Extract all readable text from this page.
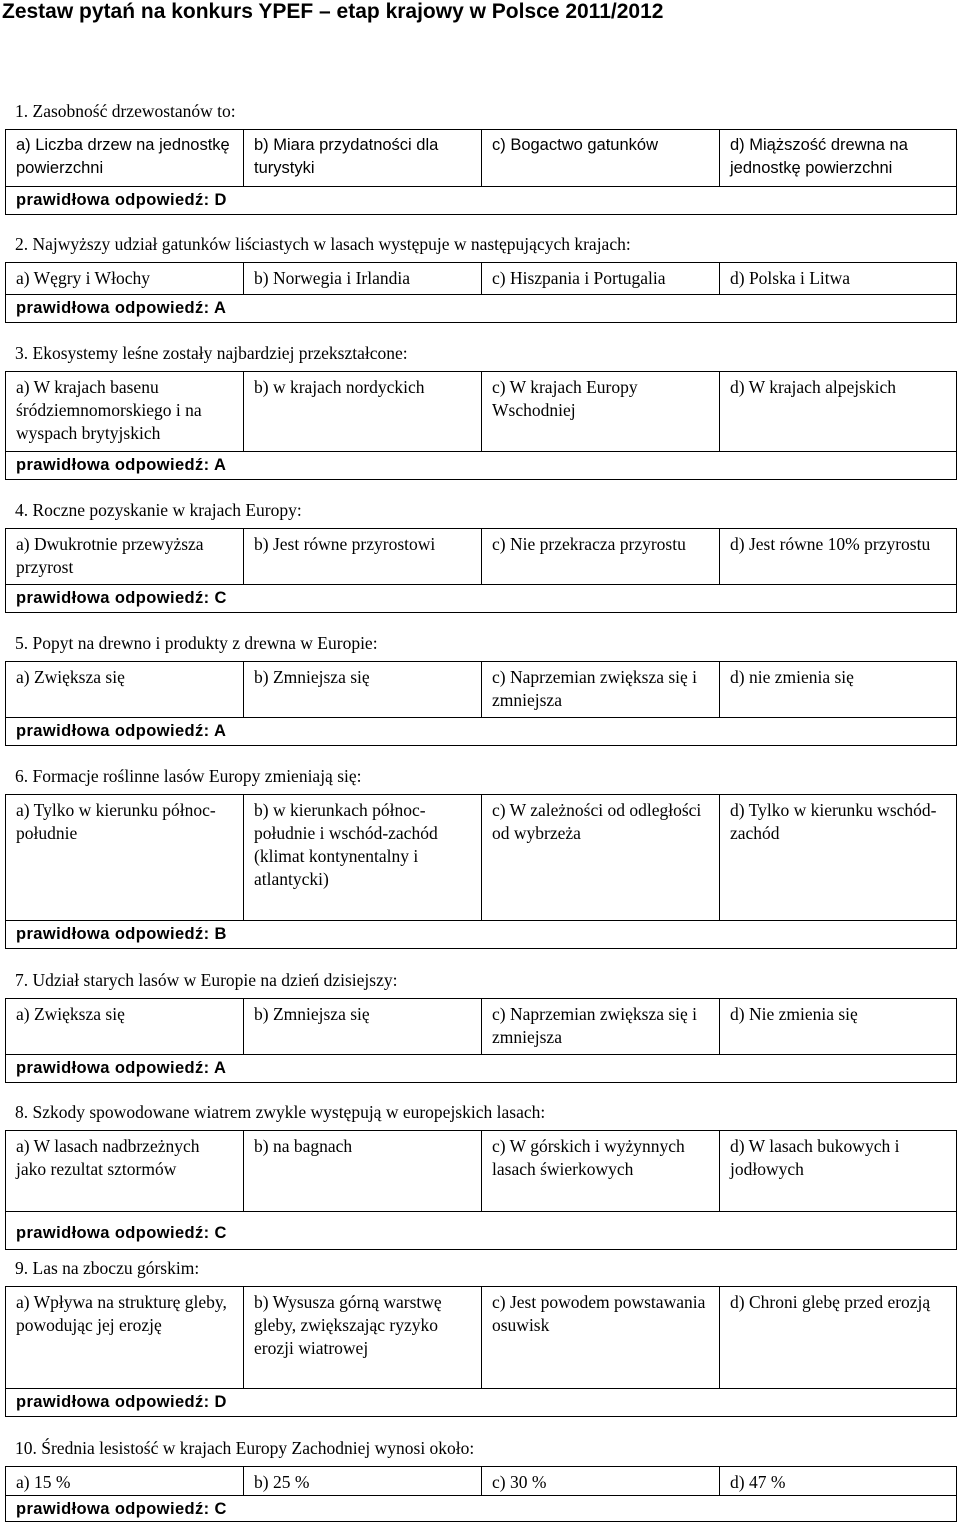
Zestaw pytań na konkurs YPEF – etap krajowy w Polsce 2011/2012
1. Zasobność drzewostanów to:
a) Liczba drzew na jednostkę powierzchni	b) Miara przydatności dla turystyki	c) Bogactwo gatunków	d) Miąższość drewna na jednostkę powierzchni
prawidłowa odpowiedź: D
2. Najwyższy udział gatunków liściastych w lasach występuje w następujących krajach:
a) Węgry i Włochy	b) Norwegia i Irlandia	c) Hiszpania i Portugalia	d) Polska i Litwa
prawidłowa odpowiedź: A
3. Ekosystemy leśne zostały najbardziej przekształcone:
a) W krajach basenu śródziemnomorskiego i na wyspach brytyjskich	b) w krajach nordyckich	c) W krajach Europy Wschodniej	d) W krajach alpejskich
prawidłowa odpowiedź: A
4. Roczne pozyskanie w krajach Europy:
a) Dwukrotnie przewyższa przyrost	b) Jest równe przyrostowi	c) Nie przekracza przyrostu	d) Jest równe 10% przyrostu
prawidłowa odpowiedź: C
5. Popyt na drewno i produkty z drewna w Europie:
a) Zwiększa się	b) Zmniejsza się	c) Naprzemian zwiększa się i zmniejsza	d) nie zmienia się
prawidłowa odpowiedź: A
6. Formacje roślinne lasów Europy zmieniają się:
a) Tylko w kierunku północ-południe	b) w kierunkach północ-południe i wschód-zachód (klimat kontynentalny i atlantycki)	c) W zależności od odległości od wybrzeża	d) Tylko w kierunku wschód-zachód
prawidłowa odpowiedź: B
7. Udział starych lasów w Europie na dzień dzisiejszy:
a) Zwiększa się	b) Zmniejsza się	c) Naprzemian zwiększa się i zmniejsza	d) Nie zmienia się
prawidłowa odpowiedź: A
8. Szkody spowodowane wiatrem zwykle występują w europejskich lasach:
a) W lasach nadbrzeżnych jako rezultat sztormów	b) na bagnach	c) W górskich i wyżynnych lasach świerkowych	d) W lasach bukowych i jodłowych
prawidłowa odpowiedź: C
9. Las na zboczu górskim:
a) Wpływa na strukturę gleby, powodując jej erozję	b) Wysusza górną warstwę gleby, zwiększając ryzyko erozji wiatrowej	c) Jest powodem powstawania osuwisk	d) Chroni glebę przed erozją
prawidłowa odpowiedź: D
10. Średnia lesistość w krajach Europy Zachodniej wynosi około:
a) 15 %	b) 25 %	c) 30 %	d) 47 %
prawidłowa odpowiedź: C
